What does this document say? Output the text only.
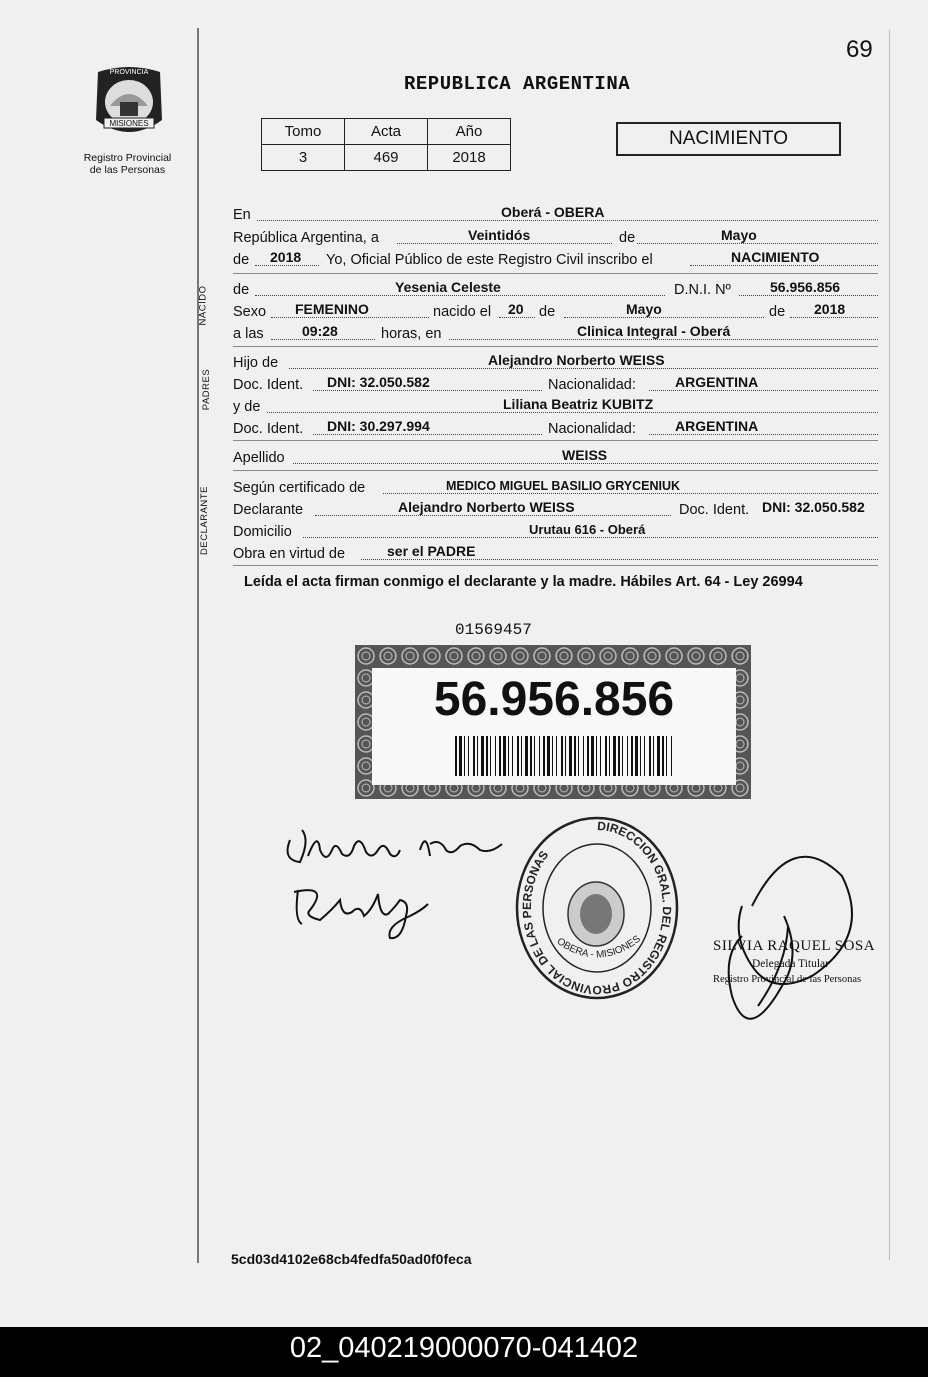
69
MISIONES
PROVINCIA
Registro Provincial
de las Personas
REPUBLICA ARGENTINA
Tomo	Acta	Año
3	469	2018
NACIMIENTO
En	Oberá - OBERA
República Argentina, a	Veintidós	de	Mayo
de 2018 Yo, Oficial Público de este Registro Civil inscribo el	NACIMIENTO
NACIDO de	Yesenia Celeste	D.N.I. Nº	56.956.856
Sexo FEMENINO	nacido el 20 de	Mayo	de 2018
a las	09:28	horas, en	Clinica Integral - Oberá
PADRES
Hijo de	Alejandro Norberto WEISS
Doc. Ident. DNI: 32.050.582	Nacionalidad:	ARGENTINA
y de	Liliana Beatriz KUBITZ
Doc. Ident. DNI: 30.297.994	Nacionalidad:	ARGENTINA
Apellido	WEISS
DECLARANTE Según certificado de	MEDICO MIGUEL BASILIO GRYCENIUK
Declarante	Alejandro Norberto WEISS	Doc. Ident. DNI: 32.050.582
Domicilio	Urutau 616 - Oberá
Obra en virtud de	ser el PADRE
Leída el acta firman conmigo el declarante y la madre. Hábiles Art. 64 - Ley 26994
01569457
56.956.856
DIRECCION GRAL. DEL REGISTRO PROVINCIAL DE LAS PERSONAS
OBERA - MISIONES	SILVIA RAQUEL SOSA
Delegada Titular
Registro Provincial de las Personas
5cd03d4102e68cb4fedfa50ad0f0feca
02_040219000070-041402
